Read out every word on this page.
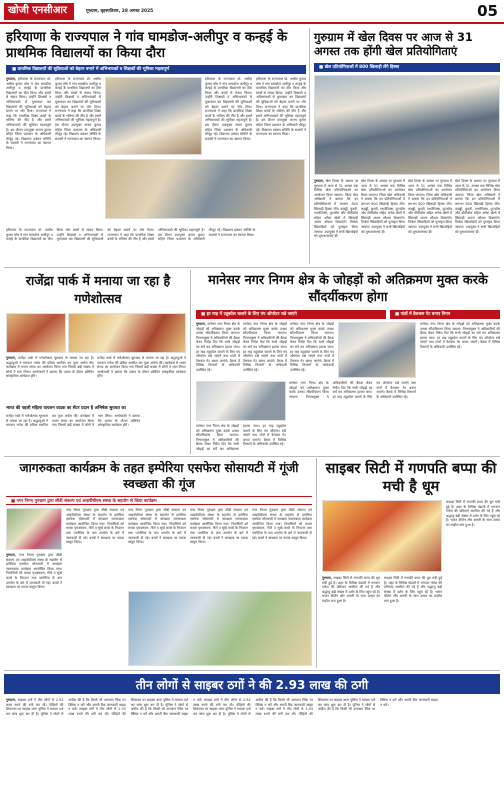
खोजी एनसीआर	गुरुग्राम, बृहस्पतिवार, 28 अगस्त 2025	05
हरियाणा के राज्यपाल ने गांव घामडोज-अलीपुर व कन्हई के प्राथमिक विद्यालयों का किया दौरा
■ प्राथमिक विद्यालयों की सुविधाओं को बेहतर बनाने में अभिभावकों व शिक्षकों की भूमिका महत्वपूर्ण
गुरुग्राम, हरियाणा के राज्यपाल प्रो. असीम कुमार घोष ने गांव घामडोज अलीपुर व कन्हई के प्राथमिक विद्यालयों का दौरा किया और बच्चों से संवाद किया। उन्होंने शिक्षकों व अभिभावकों से मुलाकात कर विद्यालयों की सुविधाओं को बेहतर बनाने पर जोर दिया। राज्यपाल ने कहा कि प्राथमिक शिक्षा बच्चों के भविष्य की नींव है और इसमें अभिभावकों की भूमिका महत्वपूर्ण है। इस दौरान उपायुक्त अजय कुमार सहित जिला प्रशासन के अधिकारी मौजूद रहे। विद्यालय प्रबंधन समिति के सदस्यों ने राज्यपाल का स्वागत किया।
हरियाणा के राज्यपाल प्रो. असीम कुमार घोष ने गांव घामडोज अलीपुर व कन्हई के प्राथमिक विद्यालयों का दौरा किया और बच्चों से संवाद किया। उन्होंने शिक्षकों व अभिभावकों से मुलाकात कर विद्यालयों की सुविधाओं को बेहतर बनाने पर जोर दिया। राज्यपाल ने कहा कि प्राथमिक शिक्षा बच्चों के भविष्य की नींव है और इसमें अभिभावकों की भूमिका महत्वपूर्ण है। इस दौरान उपायुक्त अजय कुमार सहित जिला प्रशासन के अधिकारी मौजूद रहे। विद्यालय प्रबंधन समिति के सदस्यों ने राज्यपाल का स्वागत किया।
हरियाणा के राज्यपाल प्रो. असीम कुमार घोष ने गांव घामडोज अलीपुर व कन्हई के प्राथमिक विद्यालयों का दौरा किया और बच्चों से संवाद किया। उन्होंने शिक्षकों व अभिभावकों से मुलाकात कर विद्यालयों की सुविधाओं को बेहतर बनाने पर जोर दिया। राज्यपाल ने कहा कि प्राथमिक शिक्षा बच्चों के भविष्य की नींव है और इसमें अभिभावकों की भूमिका महत्वपूर्ण है। इस दौरान उपायुक्त अजय कुमार सहित जिला प्रशासन के अधिकारी मौजूद रहे। विद्यालय प्रबंधन समिति के सदस्यों ने राज्यपाल का स्वागत किया।
हरियाणा के राज्यपाल प्रो. असीम कुमार घोष ने गांव घामडोज अलीपुर व कन्हई के प्राथमिक विद्यालयों का दौरा किया और बच्चों से संवाद किया। उन्होंने शिक्षकों व अभिभावकों से मुलाकात कर विद्यालयों की सुविधाओं को बेहतर बनाने पर जोर दिया। राज्यपाल ने कहा कि प्राथमिक शिक्षा बच्चों के भविष्य की नींव है और इसमें अभिभावकों की भूमिका महत्वपूर्ण है। इस दौरान उपायुक्त अजय कुमार सहित जिला प्रशासन के अधिकारी मौजूद रहे। विद्यालय प्रबंधन समिति के सदस्यों ने राज्यपाल का स्वागत किया।
हरियाणा के राज्यपाल प्रो. असीम कुमार घोष ने गांव घामडोज अलीपुर व कन्हई के प्राथमिक विद्यालयों का दौरा किया और बच्चों से संवाद किया। उन्होंने शिक्षकों व अभिभावकों से मुलाकात कर विद्यालयों की सुविधाओं को बेहतर बनाने पर जोर दिया। राज्यपाल ने कहा कि प्राथमिक शिक्षा बच्चों के भविष्य की नींव है और इसमें अभिभावकों की भूमिका महत्वपूर्ण है। इस दौरान उपायुक्त अजय कुमार सहित जिला प्रशासन के अधिकारी मौजूद रहे। विद्यालय प्रबंधन समिति के सदस्यों ने राज्यपाल का स्वागत किया।
गुरुग्राम में खेल दिवस पर आज से 31 अगस्त तक होंगी खेल प्रतियोगिताएं
■ खेल प्रतियोगिताओं में 800 खिलाड़ी लेंगे हिस्सा
गुरुग्राम, खेल दिवस के अवसर पर गुरुग्राम में आज से 31 अगस्त तक विभिन्न खेल प्रतियोगिताओं का आयोजन किया जाएगा। जिला खेल अधिकारी ने बताया कि इन प्रतियोगिताओं में लगभग 800 खिलाड़ी हिस्सा लेंगे। कबड्डी, कुश्ती, एथलेटिक्स, फुटबॉल और वॉलीबॉल सहित अनेक खेलों में खिलाड़ी अपना कौशल दिखाएंगे। विजेता खिलाड़ियों को पुरस्कृत किया जाएगा। उपायुक्त ने सभी खिलाड़ियों को शुभकामनाएं दीं।
खेल दिवस के अवसर पर गुरुग्राम में आज से 31 अगस्त तक विभिन्न खेल प्रतियोगिताओं का आयोजन किया जाएगा। जिला खेल अधिकारी ने बताया कि इन प्रतियोगिताओं में लगभग 800 खिलाड़ी हिस्सा लेंगे। कबड्डी, कुश्ती, एथलेटिक्स, फुटबॉल और वॉलीबॉल सहित अनेक खेलों में खिलाड़ी अपना कौशल दिखाएंगे। विजेता खिलाड़ियों को पुरस्कृत किया जाएगा। उपायुक्त ने सभी खिलाड़ियों को शुभकामनाएं दीं।
खेल दिवस के अवसर पर गुरुग्राम में आज से 31 अगस्त तक विभिन्न खेल प्रतियोगिताओं का आयोजन किया जाएगा। जिला खेल अधिकारी ने बताया कि इन प्रतियोगिताओं में लगभग 800 खिलाड़ी हिस्सा लेंगे। कबड्डी, कुश्ती, एथलेटिक्स, फुटबॉल और वॉलीबॉल सहित अनेक खेलों में खिलाड़ी अपना कौशल दिखाएंगे। विजेता खिलाड़ियों को पुरस्कृत किया जाएगा। उपायुक्त ने सभी खिलाड़ियों को शुभकामनाएं दीं।
खेल दिवस के अवसर पर गुरुग्राम में आज से 31 अगस्त तक विभिन्न खेल प्रतियोगिताओं का आयोजन किया जाएगा। जिला खेल अधिकारी ने बताया कि इन प्रतियोगिताओं में लगभग 800 खिलाड़ी हिस्सा लेंगे। कबड्डी, कुश्ती, एथलेटिक्स, फुटबॉल और वॉलीबॉल सहित अनेक खेलों में खिलाड़ी अपना कौशल दिखाएंगे। विजेता खिलाड़ियों को पुरस्कृत किया जाएगा। उपायुक्त ने सभी खिलाड़ियों को शुभकामनाएं दीं।
राजेंद्रा पार्क में मनाया जा रहा है गणेशोत्सव
गुरुग्राम, राजेंद्रा पार्क में गणेशोत्सव धूमधाम से मनाया जा रहा है। श्रद्धालुओं ने भगवान गणेश की प्रतिमा स्थापित कर पूजा अर्चना की। कार्यक्रम में भजन संध्या का आयोजन किया गया जिसमें बड़ी संख्या में लोगों ने भाग लिया। आयोजकों ने बताया कि उत्सव के दौरान प्रतिदिन सांस्कृतिक कार्यक्रम होंगे।
भारत की पहली महिला वायलन वादक का सेंटर प्रदान है अभिषेक सुरत्वत का
राजेंद्रा पार्क में गणेशोत्सव धूमधाम से मनाया जा रहा है। श्रद्धालुओं ने भगवान गणेश की प्रतिमा स्थापित कर पूजा अर्चना की। कार्यक्रम में भजन संध्या का आयोजन किया गया जिसमें बड़ी संख्या में लोगों ने भाग लिया। आयोजकों ने बताया कि उत्सव के दौरान प्रतिदिन सांस्कृतिक कार्यक्रम होंगे।
राजेंद्रा पार्क में गणेशोत्सव धूमधाम से मनाया जा रहा है। श्रद्धालुओं ने भगवान गणेश की प्रतिमा स्थापित कर पूजा अर्चना की। कार्यक्रम में भजन संध्या का आयोजन किया गया जिसमें बड़ी संख्या में लोगों ने भाग लिया। आयोजकों ने बताया कि उत्सव के दौरान प्रतिदिन सांस्कृतिक कार्यक्रम होंगे।
मानेसर नगर निगम क्षेत्र के जोहड़ों को अतिक्रमण मुक्त करके सौंदर्यीकरण होगा
■ हर माह में ट्यूबवेल चलाने के लिए पंप ऑपरेटर रखे जाएंगे	■ गांवों में वैलकम गेट बनाए निगम
गुरुग्राम, मानेसर नगर निगम क्षेत्र के जोहड़ों को अतिक्रमण मुक्त करके उनका सौंदर्यीकरण किया जाएगा। निगमायुक्त ने अधिकारियों की बैठक लेकर निर्देश दिए कि सभी जोहड़ों का सर्वे कर अतिक्रमण हटाया जाए। हर माह ट्यूबवेल चलाने के लिए पंप ऑपरेटर रखे जाएंगे तथा गांवों में वैलकम गेट बनाए जाएंगे। बैठक में विभिन्न विभागों के अधिकारी उपस्थित रहे।
मानेसर नगर निगम क्षेत्र के जोहड़ों को अतिक्रमण मुक्त करके उनका सौंदर्यीकरण किया जाएगा। निगमायुक्त ने अधिकारियों की बैठक लेकर निर्देश दिए कि सभी जोहड़ों का सर्वे कर अतिक्रमण हटाया जाए। हर माह ट्यूबवेल चलाने के लिए पंप ऑपरेटर रखे जाएंगे तथा गांवों में वैलकम गेट बनाए जाएंगे। बैठक में विभिन्न विभागों के अधिकारी उपस्थित रहे।
मानेसर नगर निगम क्षेत्र के जोहड़ों को अतिक्रमण मुक्त करके उनका सौंदर्यीकरण किया जाएगा। निगमायुक्त ने अधिकारियों की बैठक लेकर निर्देश दिए कि सभी जोहड़ों का सर्वे कर अतिक्रमण हटाया जाए। हर माह ट्यूबवेल चलाने के लिए पंप ऑपरेटर रखे जाएंगे तथा गांवों में वैलकम गेट बनाए जाएंगे। बैठक में विभिन्न विभागों के अधिकारी उपस्थित रहे।
मानेसर नगर निगम क्षेत्र के जोहड़ों को अतिक्रमण मुक्त करके उनका सौंदर्यीकरण किया जाएगा। निगमायुक्त ने अधिकारियों की बैठक लेकर निर्देश दिए कि सभी जोहड़ों का सर्वे कर अतिक्रमण हटाया जाए। हर माह ट्यूबवेल चलाने के लिए पंप ऑपरेटर रखे जाएंगे तथा गांवों में वैलकम गेट बनाए जाएंगे। बैठक में विभिन्न विभागों के अधिकारी उपस्थित रहे।
मानेसर नगर निगम क्षेत्र के जोहड़ों को अतिक्रमण मुक्त करके उनका सौंदर्यीकरण किया जाएगा। निगमायुक्त ने अधिकारियों की बैठक लेकर निर्देश दिए कि सभी जोहड़ों का सर्वे कर अतिक्रमण हटाया जाए। हर माह ट्यूबवेल चलाने के लिए पंप ऑपरेटर रखे जाएंगे तथा गांवों में वैलकम गेट बनाए जाएंगे। बैठक में विभिन्न विभागों के अधिकारी उपस्थित रहे।
मानेसर नगर निगम क्षेत्र के जोहड़ों को अतिक्रमण मुक्त करके उनका सौंदर्यीकरण किया जाएगा। निगमायुक्त ने अधिकारियों की बैठक लेकर निर्देश दिए कि सभी जोहड़ों का सर्वे कर अतिक्रमण हटाया जाए। हर माह ट्यूबवेल चलाने के लिए पंप ऑपरेटर रखे जाएंगे तथा गांवों में वैलकम गेट बनाए जाएंगे। बैठक में विभिन्न विभागों के अधिकारी उपस्थित रहे।
जागरुकता कार्यक्रम के तहत इम्पेरिया एसफेरा सोसायटी में गूंजी स्वच्छता की गूंज
■ नगर निगम गुरुग्राम द्वारा सीडी संकल्प एवं आइपीबीएस संस्था के सहयोग से किया कार्यक्रम
गुरुग्राम, नगर निगम गुरुग्राम द्वारा सीडी संकल्प एवं आइपीबीएस संस्था के सहयोग से इम्पेरिया एसफेरा सोसायटी में स्वच्छता जागरुकता कार्यक्रम आयोजित किया गया। निवासियों को कचरा पृथक्करण, गीले व सूखे कचरे के निपटान तथा प्लास्टिक के कम उपयोग के बारे में जानकारी दी गई। बच्चों ने स्वच्छता पर नाटक प्रस्तुत किया।
नगर निगम गुरुग्राम द्वारा सीडी संकल्प एवं आइपीबीएस संस्था के सहयोग से इम्पेरिया एसफेरा सोसायटी में स्वच्छता जागरुकता कार्यक्रम आयोजित किया गया। निवासियों को कचरा पृथक्करण, गीले व सूखे कचरे के निपटान तथा प्लास्टिक के कम उपयोग के बारे में जानकारी दी गई। बच्चों ने स्वच्छता पर नाटक प्रस्तुत किया।
नगर निगम गुरुग्राम द्वारा सीडी संकल्प एवं आइपीबीएस संस्था के सहयोग से इम्पेरिया एसफेरा सोसायटी में स्वच्छता जागरुकता कार्यक्रम आयोजित किया गया। निवासियों को कचरा पृथक्करण, गीले व सूखे कचरे के निपटान तथा प्लास्टिक के कम उपयोग के बारे में जानकारी दी गई। बच्चों ने स्वच्छता पर नाटक प्रस्तुत किया।
नगर निगम गुरुग्राम द्वारा सीडी संकल्प एवं आइपीबीएस संस्था के सहयोग से इम्पेरिया एसफेरा सोसायटी में स्वच्छता जागरुकता कार्यक्रम आयोजित किया गया। निवासियों को कचरा पृथक्करण, गीले व सूखे कचरे के निपटान तथा प्लास्टिक के कम उपयोग के बारे में जानकारी दी गई। बच्चों ने स्वच्छता पर नाटक प्रस्तुत किया।
नगर निगम गुरुग्राम द्वारा सीडी संकल्प एवं आइपीबीएस संस्था के सहयोग से इम्पेरिया एसफेरा सोसायटी में स्वच्छता जागरुकता कार्यक्रम आयोजित किया गया। निवासियों को कचरा पृथक्करण, गीले व सूखे कचरे के निपटान तथा प्लास्टिक के कम उपयोग के बारे में जानकारी दी गई। बच्चों ने स्वच्छता पर नाटक प्रस्तुत किया।
साइबर सिटी में गणपति बप्पा की मची है धूम
साइबर सिटी में गणपति बप्पा की धूम मची हुई है। शहर के विभिन्न पंडालों में भगवान गणेश की प्रतिमाएं स्थापित की गई हैं और श्रद्धालु बड़ी संख्या में दर्शन के लिए पहुंच रहे हैं। भजन कीर्तन और आरती के साथ उत्सव का माहौल बना हुआ है।
गुरुग्राम, साइबर सिटी में गणपति बप्पा की धूम मची हुई है। शहर के विभिन्न पंडालों में भगवान गणेश की प्रतिमाएं स्थापित की गई हैं और श्रद्धालु बड़ी संख्या में दर्शन के लिए पहुंच रहे हैं। भजन कीर्तन और आरती के साथ उत्सव का माहौल बना हुआ है।
साइबर सिटी में गणपति बप्पा की धूम मची हुई है। शहर के विभिन्न पंडालों में भगवान गणेश की प्रतिमाएं स्थापित की गई हैं और श्रद्धालु बड़ी संख्या में दर्शन के लिए पहुंच रहे हैं। भजन कीर्तन और आरती के साथ उत्सव का माहौल बना हुआ है।
तीन लोगों से साइबर ठगों ने की 2.93 लाख की ठगी
गुरुग्राम, साइबर ठगों ने तीन लोगों से 2.93 लाख रुपये की ठगी कर ली। पीड़ितों की शिकायत पर साइबर थाना पुलिस ने मामला दर्ज कर जांच शुरू कर दी है। पुलिस ने लोगों से अपील की है कि किसी भी अनजान लिंक पर क्लिक न करें और अपनी बैंक जानकारी साझा न करें। साइबर ठगों ने तीन लोगों से 2.93 लाख रुपये की ठगी कर ली। पीड़ितों की शिकायत पर साइबर थाना पुलिस ने मामला दर्ज कर जांच शुरू कर दी है। पुलिस ने लोगों से अपील की है कि किसी भी अनजान लिंक पर क्लिक न करें और अपनी बैंक जानकारी साझा न करें। साइबर ठगों ने तीन लोगों से 2.93 लाख रुपये की ठगी कर ली। पीड़ितों की शिकायत पर साइबर थाना पुलिस ने मामला दर्ज कर जांच शुरू कर दी है। पुलिस ने लोगों से अपील की है कि किसी भी अनजान लिंक पर क्लिक न करें और अपनी बैंक जानकारी साझा न करें। साइबर ठगों ने तीन लोगों से 2.93 लाख रुपये की ठगी कर ली। पीड़ितों की शिकायत पर साइबर थाना पुलिस ने मामला दर्ज कर जांच शुरू कर दी है। पुलिस ने लोगों से अपील की है कि किसी भी अनजान लिंक पर क्लिक न करें और अपनी बैंक जानकारी साझा न करें।
